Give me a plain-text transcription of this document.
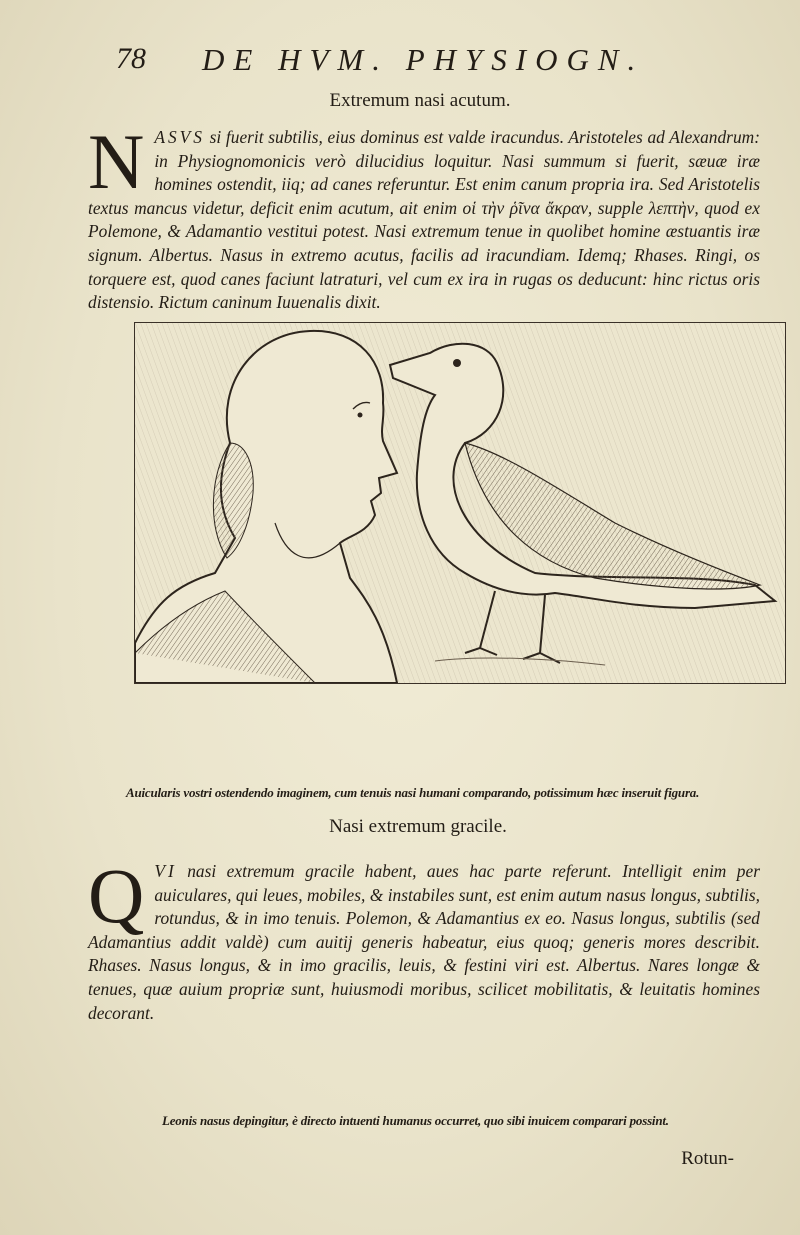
78 DE HVM. PHYSIOGN.
Extremum nasi acutum.
NASVS si fuerit subtilis, eius dominus est valde iracundus. Aristoteles ad Alexandrum: in Physiognomonicis verò dilucidius loquitur. Nasi summum si fuerit, sæuæ iræ homines ostendit, iiq; ad canes referuntur. Est enim canum propria ira. Sed Aristotelis textus mancus videtur, deficit enim acutum, ait enim οἱ τὴν ῥῖνα ἄκραν, supple λεπτὴν, quod ex Polemone, & Adamantio vestitui potest. Nasi extremum tenue in quolibet homine æstuantis iræ signum. Albertus. Nasus in extremo acutus, facilis ad iracundiam. Idemq; Rhases. Ringi, os torquere est, quod canes faciunt latraturi, vel cum ex ira in rugas os deducunt: hinc rictus oris distensio. Rictum caninum Iuuenalis dixit.
Auicularis vostri ostendendo imaginem, cum tenuis nasi humani comparando, potissimum hæc inseruit figura.
Nasi extremum gracile.
QVI nasi extremum gracile habent, aues hac parte referunt. Intelligit enim per auiculares, qui leues, mobiles, & instabiles sunt, est enim autum nasus longus, subtilis, rotundus, & in imo tenuis. Polemon, & Adamantius ex eo. Nasus longus, subtilis (sed Adamantius addit valdè) cum auitij generis habeatur, eius quoq; generis mores describit. Rhases. Nasus longus, & in imo gracilis, leuis, & festini viri est. Albertus. Nares longæ & tenues, quæ auium propriæ sunt, huiusmodi moribus, scilicet mobilitatis, & leuitatis homines decorant.
Leonis nasus depingitur, è directo intuenti humanus occurret, quo sibi inuicem comparari possint.
Rotun-
